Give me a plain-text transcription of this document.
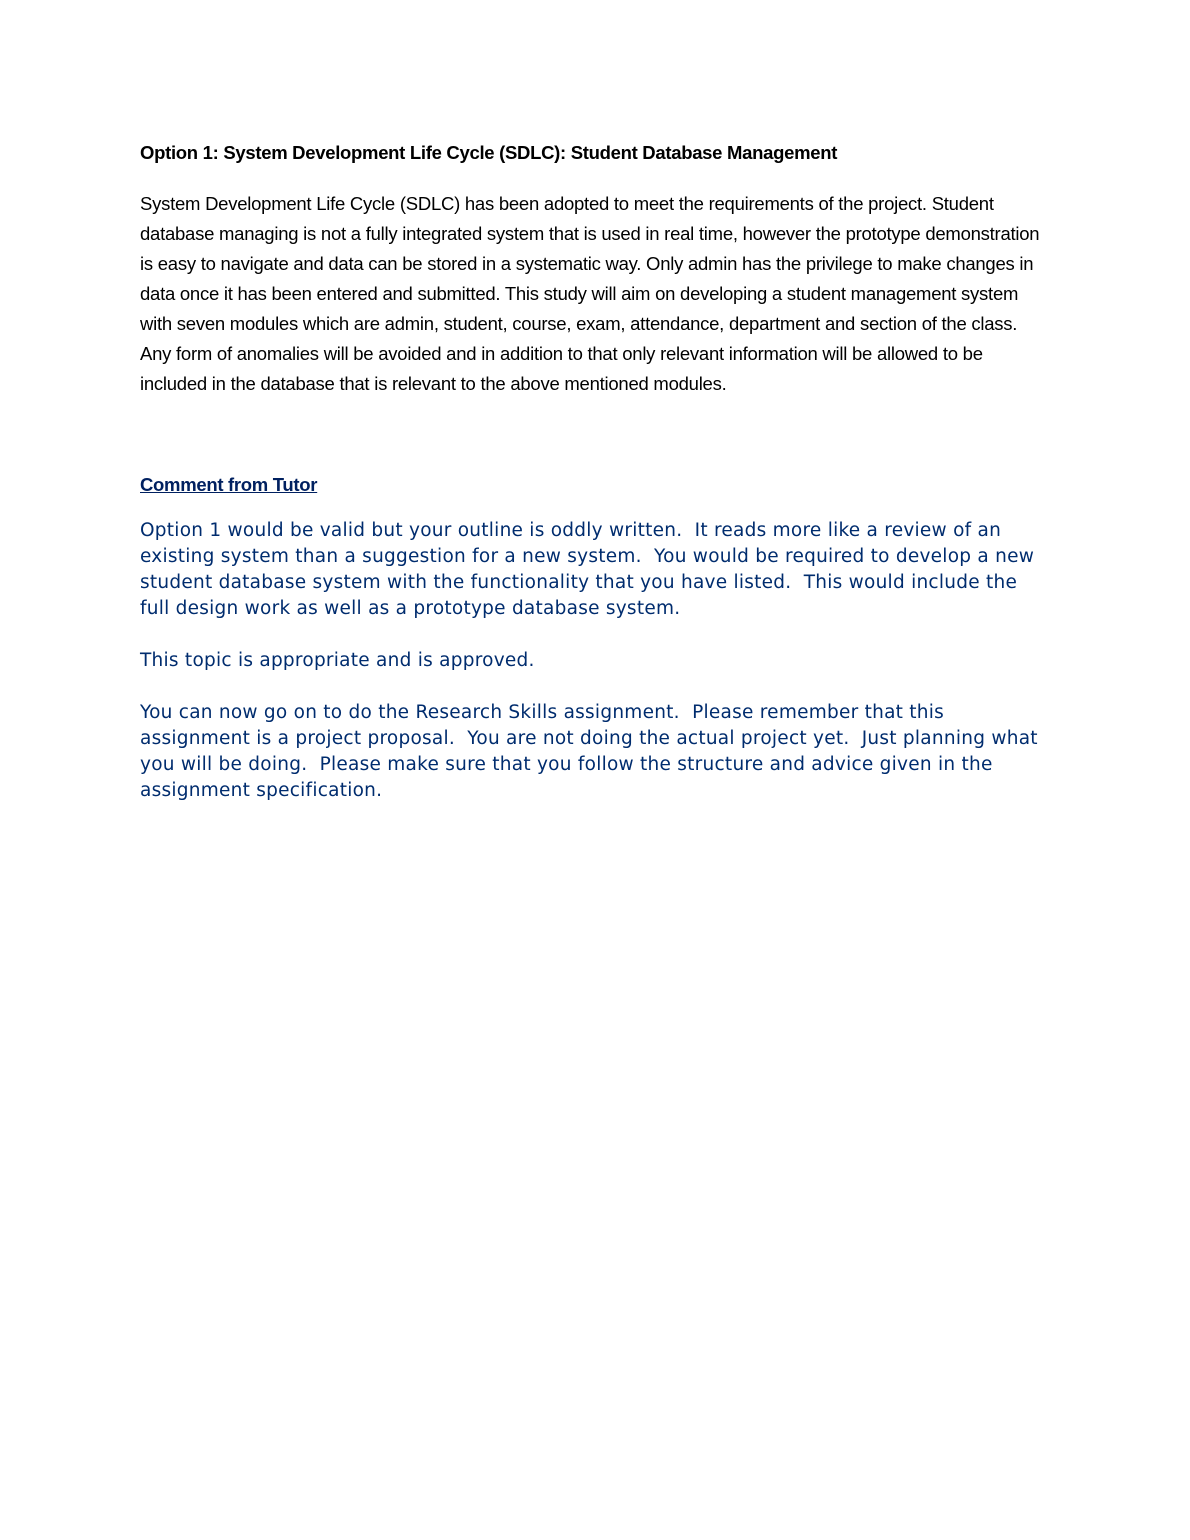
Option 1: System Development Life Cycle (SDLC): Student Database Management

System Development Life Cycle (SDLC) has been adopted to meet the requirements of the project. Student database managing is not a fully integrated system that is used in real time, however the prototype demonstration is easy to navigate and data can be stored in a systematic way. Only admin has the privilege to make changes in data once it has been entered and submitted. This study will aim on developing a student management system with seven modules which are admin, student, course, exam, attendance, department and section of the class. Any form of anomalies will be avoided and in addition to that only relevant information will be allowed to be included in the database that is relevant to the above mentioned modules.

Comment from Tutor

Option 1 would be valid but your outline is oddly written.  It reads more like a review of an existing system than a suggestion for a new system.  You would be required to develop a new student database system with the functionality that you have listed.  This would include the full design work as well as a prototype database system.

This topic is appropriate and is approved.

You can now go on to do the Research Skills assignment.  Please remember that this assignment is a project proposal.  You are not doing the actual project yet.  Just planning what you will be doing.  Please make sure that you follow the structure and advice given in the assignment specification.
